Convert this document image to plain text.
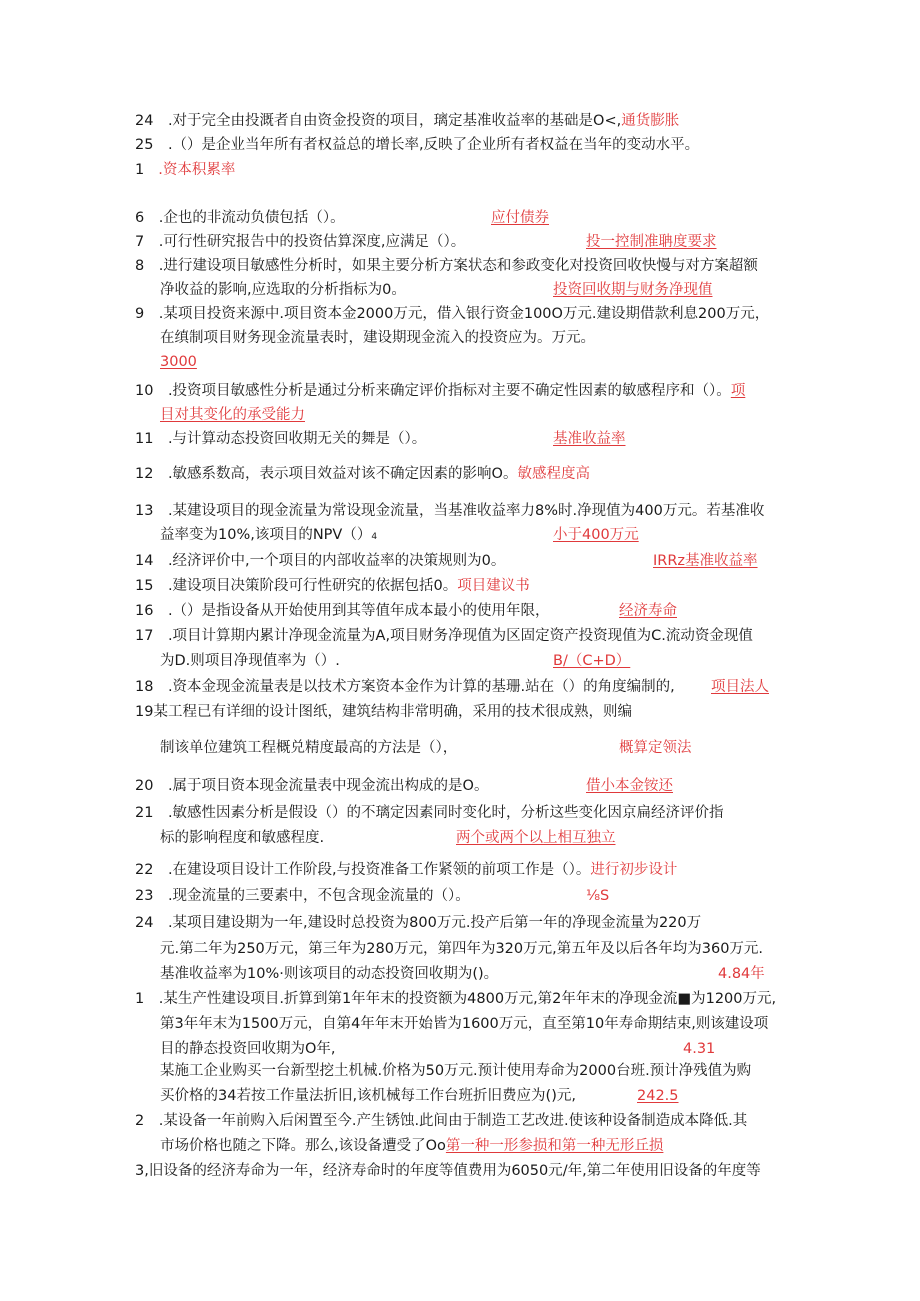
24　.对于完全由投溉者自由资金投资的项目，璃定基准收益率的基础是O<,通货膨胀
25　.（）是企业当年所有者权益总的增长率,反映了企业所有者权益在当年的变动水平。
1 .资本积累率
6　.企也的非流动负债包括（）。	应付债券
7　.可行性研究报告中的投资估算深度,应满足（）。	投一控制准聃度要求
8　.进行建设项目敏感性分析时，如果主要分析方案状态和参政变化对投资回收快慢与对方案超额
净收益的影响,应选取的分析指标为0。	投资回收期与财务净现值
9　.某项目投资来源中.项目资本金2000万元，借入银行资金100O万元.建设期借款利息200万元，
在缜制项目财务现金流量表时，建设期现金流入的投资应为。万元。
3000
10　.投资项目敏感性分析是通过分析来确定评价指标对主要不确定性因素的敏感程序和（）。项
目对其变化的承受能力
11　.与计算动态投资回收期无关的舞是（）。	基准收益率
12　.敏感系数高，表示项目效益对该不确定因素的影响O。敏感程度高
13　.某建设项目的现金流量为常设现金流量，当基准收益率力8%时.净现值为400万元。若基准收
益率变为10%,该项目的NPV（）4	小于400万元
14　.经济评价中,一个项目的内部收益率的决策规则为0。	IRRz基准收益率
15　.建设项目决策阶段可行性研究的依据包括0。项目建议书
16　.（）是指设备从开始使用到其等值年成本最小的使用年限，	经济寿命
17　.项目计算期内累计净现金流量为A,项目财务净现值为区固定资产投资现值为C.流动资金现值
为D.则项目净现值率为（）.	B/（C+D）
18　.资本金现金流量表是以技术方案资本金作为计算的基珊.站在（）的角度编制的, 项目法人
19某工程已有详细的设计图纸，建筑结构非常明确，采用的技术很成熟，则编
制该单位建筑工程概兑精度最高的方法是（），	概算定领法
20　.属于项目资本现金流量表中现金流出构成的是O。	借小本金铵还
21　.敏感性因素分析是假设（）的不璃定因素同时变化时，分析这些变化因京扁经济评价指
标的影响程度和敏感程度.	两个或两个以上相互独立
22　.在建设项目设计工作阶段,与投资准备工作紧领的前项工作是（）。进行初步设计
23　.现金流量的三要素中，不包含现金流量的（）。	⅛S
24　.某项目建设期为一年,建设时总投资为800万元.投产后第一年的净现金流量为220万
元.第二年为250万元，第三年为280万元，第四年为320万元,第五年及以后各年均为360万元.
基准收益率为10%·则该项目的动态投资回收期为()。	4.84年
1　.某生产性建设项目.折算到第1年年末的投资额为4800万元,第2年年末的净现金流■为1200万元,
第3年年末为1500万元，自第4年年末开始皆为1600万元，直至第10年寿命期结束,则该建设项
目的静态投资回收期为O年,	4.31
某施工企业购买一台新型挖土机械.价格为50万元.预计使用寿命为2000台班.预计净残值为购
买价格的34若按工作量法折旧,该机械每工作台班折旧费应为()元,	242.5
2　.某设备一年前购入后闲置至今.产生锈蚀.此间由于制造工艺改进.使该种设备制造成本降低.其
市场价格也随之下降。那么,该设备遭受了Oo第一种一形参损和第一种无形丘损
3,旧设备的经济寿命为一年，经济寿命时的年度等值费用为6050元/年,第二年使用旧设备的年度等
